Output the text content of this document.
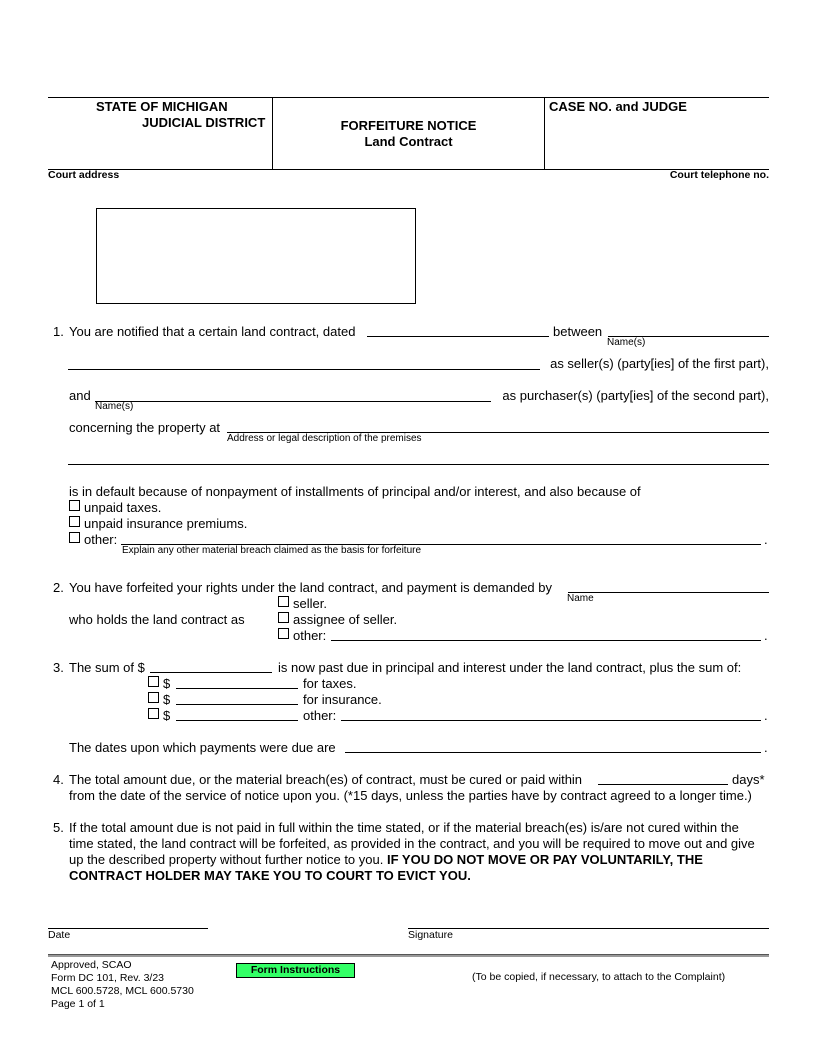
STATE OF MICHIGAN
JUDICIAL DISTRICT	FORFEITURE NOTICE
Land Contract
CASE NO. and JUDGE
Court address	Court telephone no.
1. You are notified that a certain land contract, dated	between
Name(s)
as seller(s) (party[ies] of the first part),
and
Name(s)
as purchaser(s) (party[ies] of the second part),
concerning the property at
Address or legal description of the premises
is in default because of nonpayment of installments of principal and/or interest, and also because of
unpaid taxes.
unpaid insurance premiums.
other:
Explain any other material breach claimed as the basis for forfeiture
.
2. You have forfeited your rights under the land contract, and payment is demanded by
Name
who holds the land contract as
seller.
assignee of seller.
other:	.
3. The sum of $	is now past due in principal and interest under the land contract, plus the sum of:
$	for taxes.
$	for insurance.
$	other:	.
The dates upon which payments were due are	.
4. The total amount due, or the material breach(es) of contract, must be cured or paid within	days*
from the date of the service of notice upon you. (*15 days, unless the parties have by contract agreed to a longer time.)
5. If the total amount due is not paid in full within the time stated, or if the material breach(es) is/are not cured within the
time stated, the land contract will be forfeited, as provided in the contract, and you will be required to move out and give
up the described property without further notice to you. IF YOU DO NOT MOVE OR PAY VOLUNTARILY, THE
CONTRACT HOLDER MAY TAKE YOU TO COURT TO EVICT YOU.
Date	Signature
Approved, SCAO
Form DC 101, Rev. 3/23
MCL 600.5728, MCL 600.5730
Page 1 of 1
Form Instructions
(To be copied, if necessary, to attach to the Complaint)
